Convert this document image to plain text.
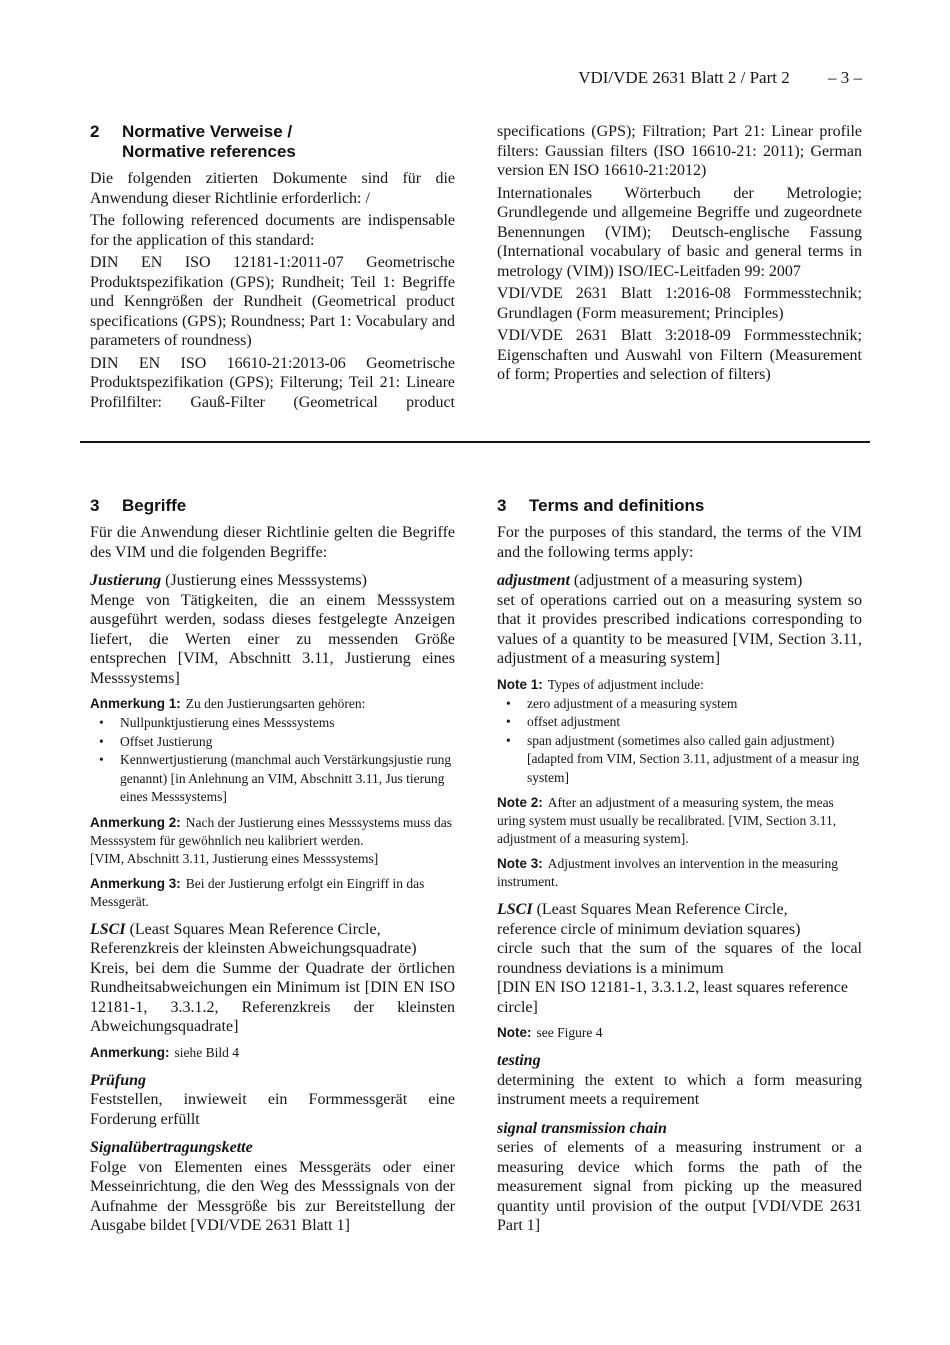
VDI/VDE 2631 Blatt 2 / Part 2 – 3 –
2	Normative Verweise /
Normative references

Die folgenden zitierten Dokumente sind für die Anwendung dieser Richtlinie erforderlich: /

The following referenced documents are indispensable for the application of this standard:

DIN EN ISO 12181-1:2011-07 Geometrische Produktspezifikation (GPS); Rundheit; Teil 1: Begriffe und Kenngrößen der Rundheit (Geometrical product specifications (GPS); Roundness; Part 1: Vocabulary and parameters of roundness)

DIN EN ISO 16610-21:2013-06 Geometrische Produktspezifikation (GPS); Filterung; Teil 21: Lineare Profilfilter: Gauß-Filter (Geometrical product

specifications (GPS); Filtration; Part 21: Linear profile filters: Gaussian filters (ISO 16610-21: 2011); German version EN ISO 16610-21:2012)

Internationales Wörterbuch der Metrologie; Grundlegende und allgemeine Begriffe und zugeordnete Benennungen (VIM); Deutsch-englische Fassung (International vocabulary of basic and general terms in metrology (VIM)) ISO/IEC-Leitfaden 99: 2007

VDI/VDE 2631 Blatt 1:2016-08 Formmesstechnik; Grundlagen (Form measurement; Principles)

VDI/VDE 2631 Blatt 3:2018-09 Formmesstechnik; Eigenschaften und Auswahl von Filtern (Measurement of form; Properties and selection of filters)

3	Begriffe

Für die Anwendung dieser Richtlinie gelten die Begriffe des VIM und die folgenden Begriffe:

Justierung (Justierung eines Messsystems)

Menge von Tätigkeiten, die an einem Messsystem ausgeführt werden, sodass dieses festgelegte Anzeigen liefert, die Werten einer zu messenden Größe entsprechen [VIM, Abschnitt 3.11, Justierung eines Messsystems]

Anmerkung 1: Zu den Justierungsarten gehören:

• Nullpunktjustierung eines Messsystems
• Offset Justierung
• Kennwertjustierung (manchmal auch Verstärkungsjustie rung genannt) [in Anlehnung an VIM, Abschnitt 3.11, Jus tierung eines Messsystems]

Anmerkung 2: Nach der Justierung eines Messsystems muss das Messsystem für gewöhnlich neu kalibriert werden.
[VIM, Abschnitt 3.11, Justierung eines Messsystems]

Anmerkung 3: Bei der Justierung erfolgt ein Eingriff in das Messgerät.

LSCI (Least Squares Mean Reference Circle,
Referenzkreis der kleinsten Abweichungsquadrate)

Kreis, bei dem die Summe der Quadrate der örtlichen Rundheitsabweichungen ein Minimum ist [DIN EN ISO 12181-1, 3.3.1.2, Referenzkreis der kleinsten Abweichungsquadrate]

Anmerkung: siehe Bild 4

Prüfung

Feststellen, inwieweit ein Formmessgerät eine Forderung erfüllt

Signalübertragungskette

Folge von Elementen eines Messgeräts oder einer Messeinrichtung, die den Weg des Messsignals von der Aufnahme der Messgröße bis zur Bereitstellung der Ausgabe bildet [VDI/VDE 2631 Blatt 1]

3	Terms and definitions

For the purposes of this standard, the terms of the VIM and the following terms apply:

adjustment (adjustment of a measuring system)

set of operations carried out on a measuring system so that it provides prescribed indications corresponding to values of a quantity to be measured [VIM, Section 3.11, adjustment of a measuring system]

Note 1: Types of adjustment include:

• zero adjustment of a measuring system
• offset adjustment
• span adjustment (sometimes also called gain adjustment) [adapted from VIM, Section 3.11, adjustment of a measur ing system]

Note 2: After an adjustment of a measuring system, the meas uring system must usually be recalibrated. [VIM, Section 3.11, adjustment of a measuring system].

Note 3: Adjustment involves an intervention in the measuring instrument.

LSCI (Least Squares Mean Reference Circle,
reference circle of minimum deviation squares)

circle such that the sum of the squares of the local roundness deviations is a minimum

[DIN EN ISO 12181-1, 3.3.1.2, least squares reference circle]

Note: see Figure 4

testing

determining the extent to which a form measuring instrument meets a requirement

signal transmission chain

series of elements of a measuring instrument or a measuring device which forms the path of the measurement signal from picking up the measured quantity until provision of the output [VDI/VDE 2631 Part 1]
